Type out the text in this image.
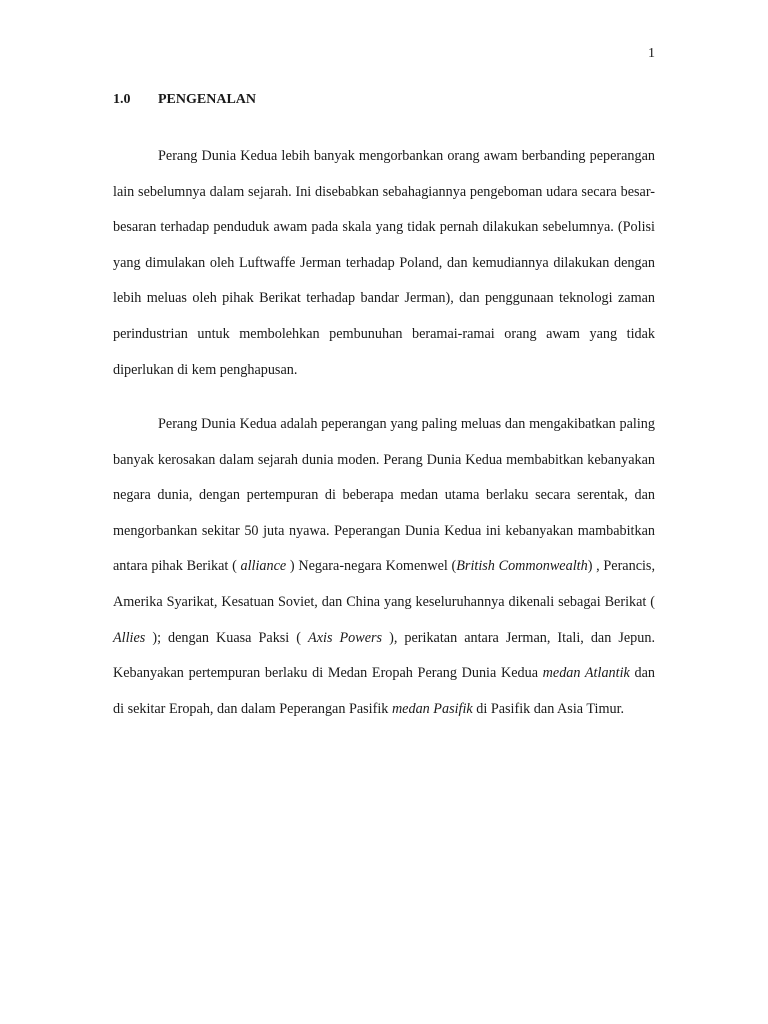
1
1.0	PENGENALAN

Perang Dunia Kedua lebih banyak mengorbankan orang awam berbanding peperangan lain sebelumnya dalam sejarah. Ini disebabkan sebahagiannya pengeboman udara secara besar-besaran terhadap penduduk awam pada skala yang tidak pernah dilakukan sebelumnya. (Polisi yang dimulakan oleh Luftwaffe Jerman terhadap Poland, dan kemudiannya dilakukan dengan lebih meluas oleh pihak Berikat terhadap bandar Jerman), dan penggunaan teknologi zaman perindustrian untuk membolehkan pembunuhan beramai-ramai orang awam yang tidak diperlukan di kem penghapusan.

Perang Dunia Kedua adalah peperangan yang paling meluas dan mengakibatkan paling banyak kerosakan dalam sejarah dunia moden. Perang Dunia Kedua membabitkan kebanyakan negara dunia, dengan pertempuran di beberapa medan utama berlaku secara serentak, dan mengorbankan sekitar 50 juta nyawa. Peperangan Dunia Kedua ini kebanyakan mambabitkan antara pihak Berikat ( alliance ) Negara-negara Komenwel (British Commonwealth) , Perancis, Amerika Syarikat, Kesatuan Soviet, dan China yang keseluruhannya dikenali sebagai Berikat ( Allies ); dengan Kuasa Paksi ( Axis Powers ), perikatan antara Jerman, Itali, dan Jepun. Kebanyakan pertempuran berlaku di Medan Eropah Perang Dunia Kedua medan Atlantik dan di sekitar Eropah, dan dalam Peperangan Pasifik medan Pasifik di Pasifik dan Asia Timur.
